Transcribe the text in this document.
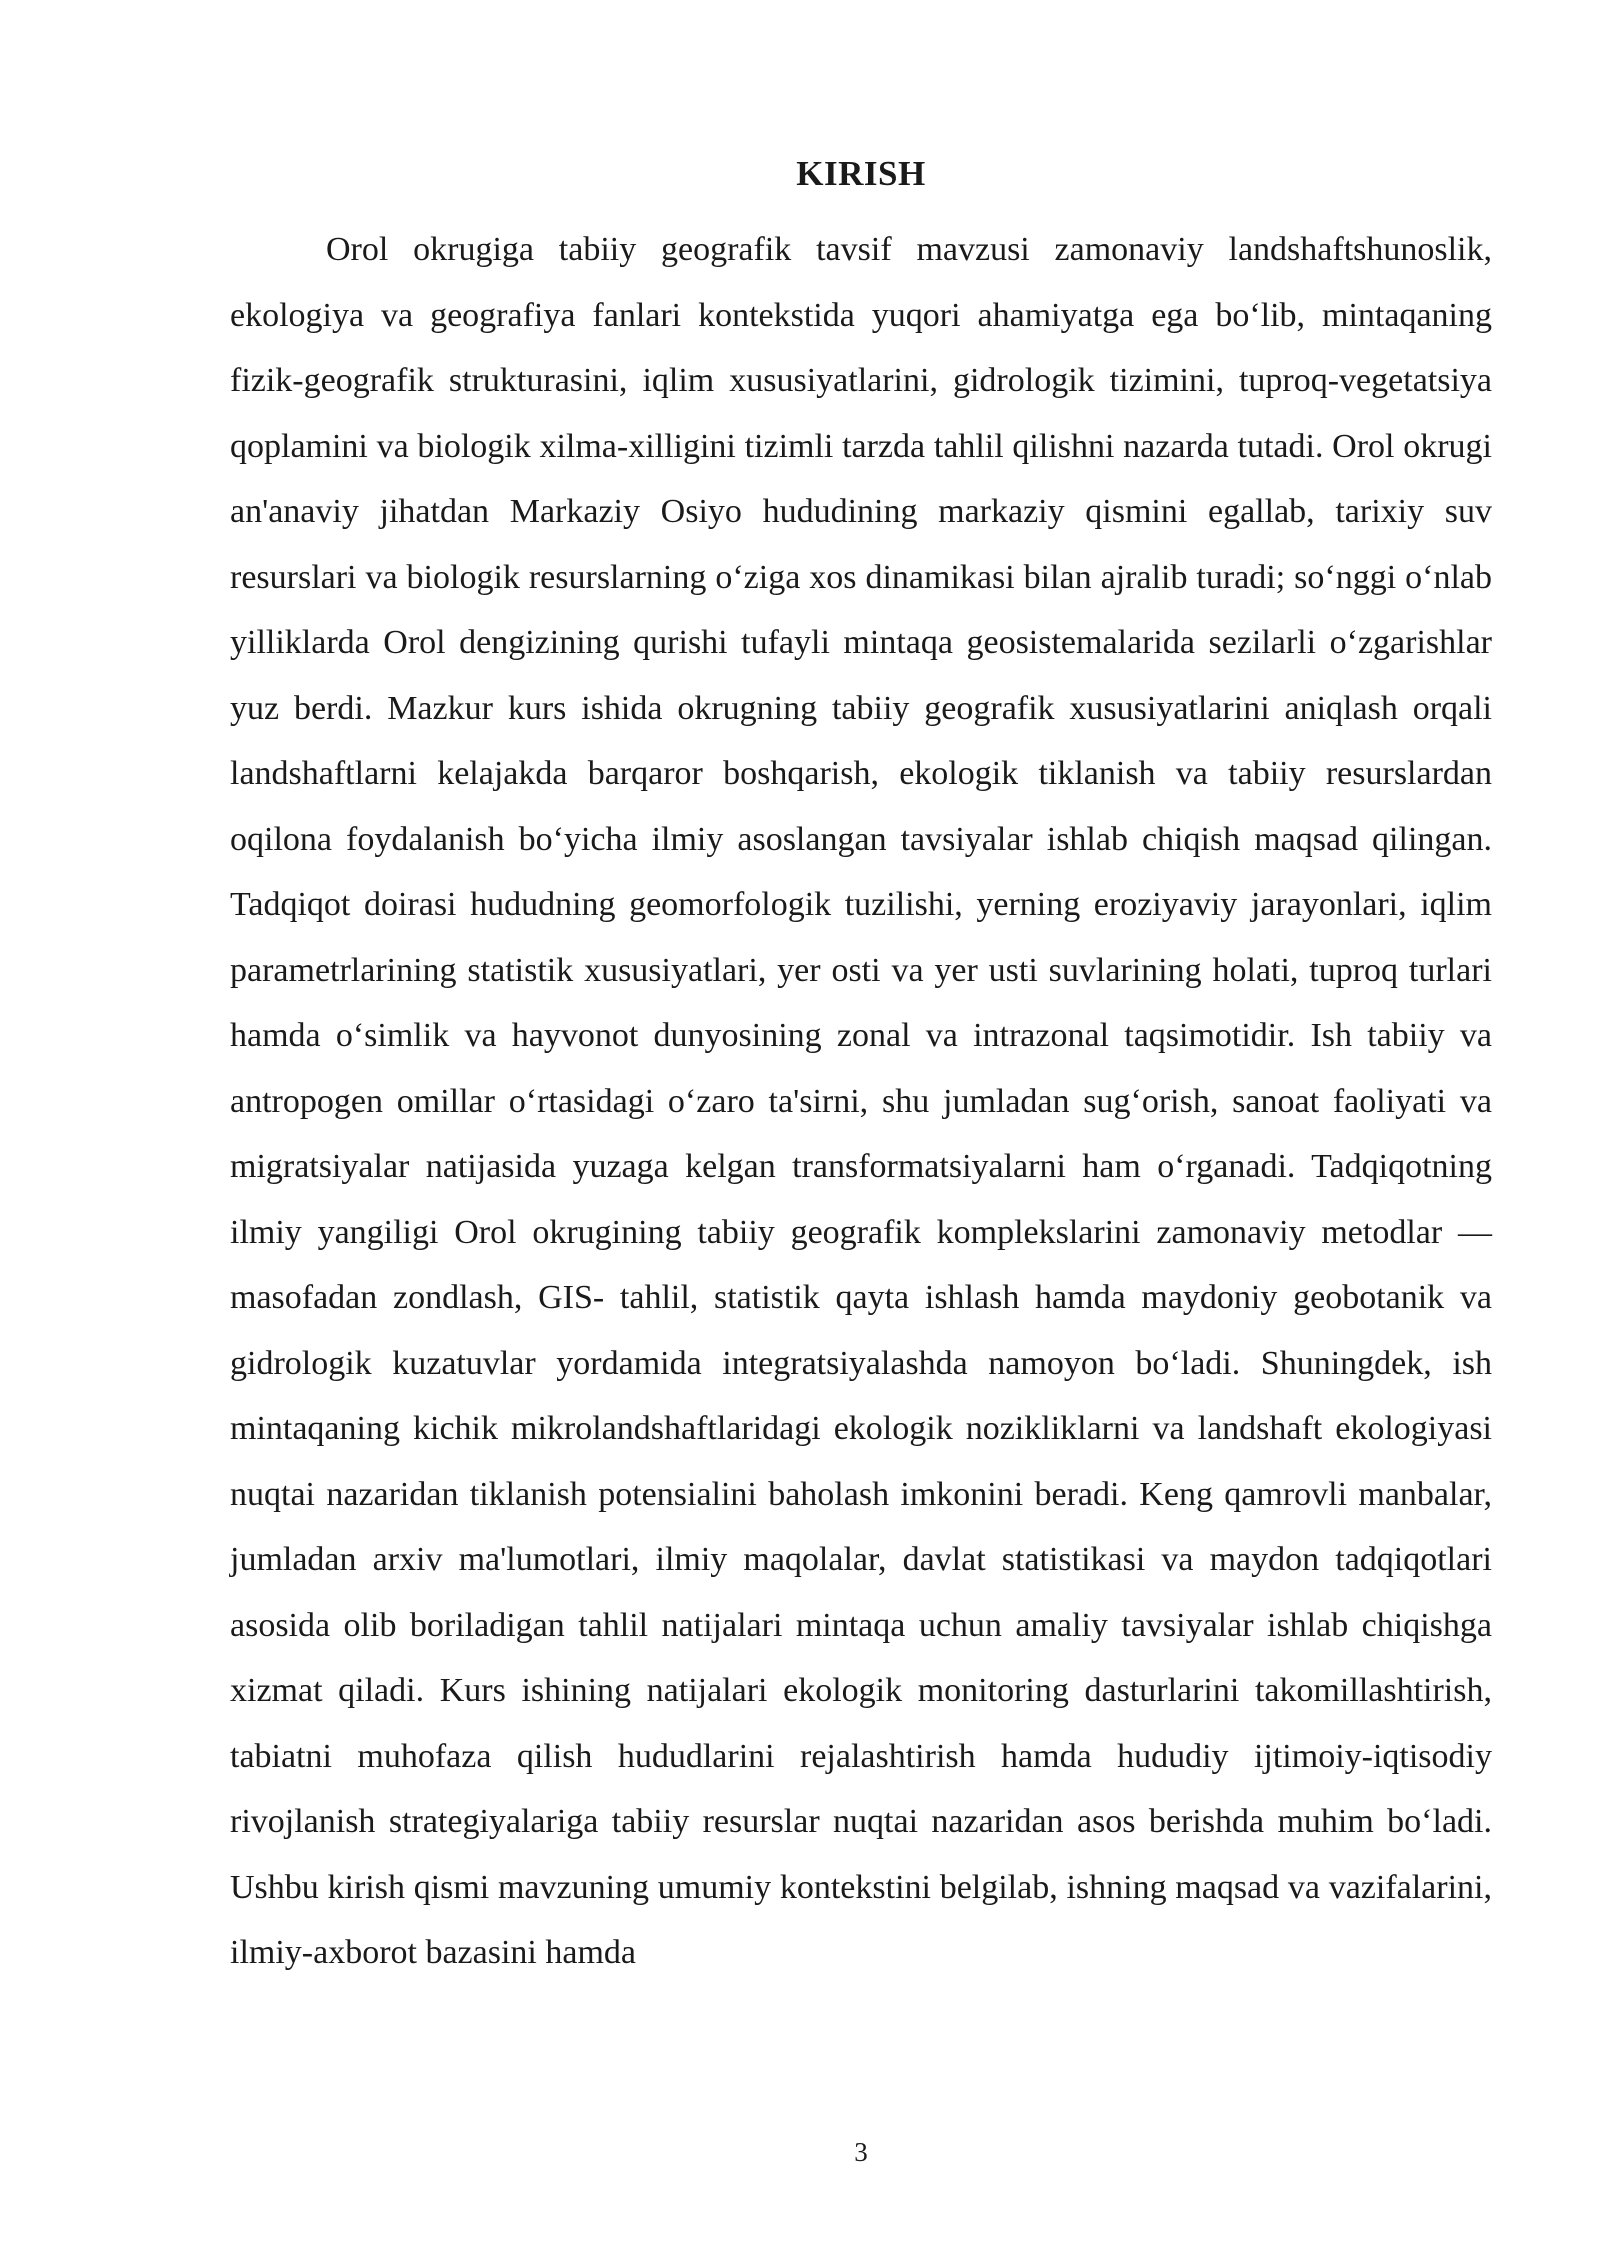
KIRISH

Orol okrugiga tabiiy geografik tavsif mavzusi zamonaviy landshaftshunoslik, ekologiya va geografiya fanlari kontekstida yuqori ahamiyatga ega bo‘lib, mintaqaning fizik-geografik strukturasini, iqlim xususiyatlarini, gidrologik tizimini, tuproq-vegetatsiya qoplamini va biologik xilma-xilligini tizimli tarzda tahlil qilishni nazarda tutadi. Orol okrugi an'anaviy jihatdan Markaziy Osiyo hududining markaziy qismini egallab, tarixiy suv resurslari va biologik resurslarning o‘ziga xos dinamikasi bilan ajralib turadi; so‘nggi o‘nlab yilliklarda Orol dengizining qurishi tufayli mintaqa geosistemalarida sezilarli o‘zgarishlar yuz berdi. Mazkur kurs ishida okrugning tabiiy geografik xususiyatlarini aniqlash orqali landshaftlarni kelajakda barqaror boshqarish, ekologik tiklanish va tabiiy resurslardan oqilona foydalanish bo‘yicha ilmiy asoslangan tavsiyalar ishlab chiqish maqsad qilingan. Tadqiqot doirasi hududning geomorfologik tuzilishi, yerning eroziyaviy jarayonlari, iqlim parametrlarining statistik xususiyatlari, yer osti va yer usti suvlarining holati, tuproq turlari hamda o‘simlik va hayvonot dunyosining zonal va intrazonal taqsimotidir. Ish tabiiy va antropogen omillar o‘rtasidagi o‘zaro ta'sirni, shu jumladan sug‘orish, sanoat faoliyati va migratsiyalar natijasida yuzaga kelgan transformatsiyalarni ham o‘rganadi. Tadqiqotning ilmiy yangiligi Orol okrugining tabiiy geografik komplekslarini zamonaviy metodlar — masofadan zondlash, GIS- tahlil, statistik qayta ishlash hamda maydoniy geobotanik va gidrologik kuzatuvlar yordamida integratsiyalashda namoyon bo‘ladi. Shuningdek, ish mintaqaning kichik mikrolandshaftlaridagi ekologik nozikliklarni va landshaft ekologiyasi nuqtai nazaridan tiklanish potensialini baholash imkonini beradi. Keng qamrovli manbalar, jumladan arxiv ma'lumotlari, ilmiy maqolalar, davlat statistikasi va maydon tadqiqotlari asosida olib boriladigan tahlil natijalari mintaqa uchun amaliy tavsiyalar ishlab chiqishga xizmat qiladi. Kurs ishining natijalari ekologik monitoring dasturlarini takomillashtirish, tabiatni muhofaza qilish hududlarini rejalashtirish hamda hududiy ijtimoiy-iqtisodiy rivojlanish strategiyalariga tabiiy resurslar nuqtai nazaridan asos berishda muhim bo‘ladi. Ushbu kirish qismi mavzuning umumiy kontekstini belgilab, ishning maqsad va vazifalarini, ilmiy-axborot bazasini hamda

3
